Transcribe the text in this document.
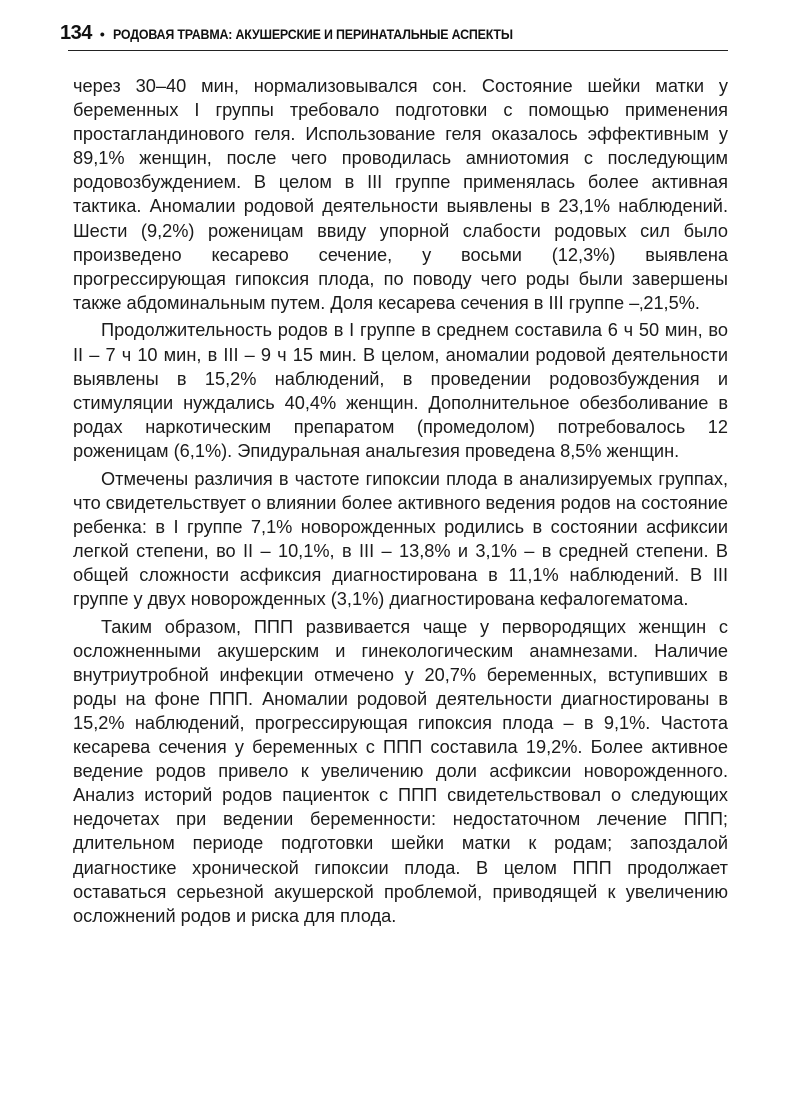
134 • РОДОВАЯ ТРАВМА: АКУШЕРСКИЕ И ПЕРИНАТАЛЬНЫЕ АСПЕКТЫ

через 30–40 мин, нормализовывался сон. Состояние шейки матки у беременных I группы требовало подготовки с помощью применения простагландинового геля. Использование геля оказалось эффективным у 89,1% женщин, после чего проводилась амниотомия с последующим родовозбуждением. В целом в III группе применялась более активная тактика. Аномалии родовой деятельности выявлены в 23,1% наблюдений. Шести (9,2%) роженицам ввиду упорной слабости родовых сил было произведено кесарево сечение, у восьми (12,3%) выявлена прогрессирующая гипоксия плода, по поводу чего роды были завершены также абдоминальным путем. Доля кесарева сечения в III группе –‚21,5%.

Продолжительность родов в I группе в среднем составила 6 ч 50 мин, во II – 7 ч 10 мин, в III – 9 ч 15 мин. В целом, аномалии родовой деятельности выявлены в 15,2% наблюдений, в проведении родовозбуждения и стимуляции нуждались 40,4% женщин. Дополнительное обезболивание в родах наркотическим препаратом (промедолом) потребовалось 12 роженицам (6,1%). Эпидуральная анальгезия проведена 8,5% женщин.

Отмечены различия в частоте гипоксии плода в анализируемых группах, что свидетельствует о влиянии более активного ведения родов на состояние ребенка: в I группе 7,1% новорожденных родились в состоянии асфиксии легкой степени, во II – 10,1%, в III – 13,8% и 3,1% – в средней степени. В общей сложности асфиксия диагностирована в 11,1% наблюдений. В III группе у двух новорожденных (3,1%) диагностирована кефалогематома.

Таким образом, ППП развивается чаще у первородящих женщин с осложненными акушерским и гинекологическим анамнезами. Наличие внутриутробной инфекции отмечено у 20,7% беременных, вступивших в роды на фоне ППП. Аномалии родовой деятельности диагностированы в 15,2% наблюдений, прогрессирующая гипоксия плода – в 9,1%. Частота кесарева сечения у беременных с ППП составила 19,2%. Более активное ведение родов привело к увеличению доли асфиксии новорожденного. Анализ историй родов пациенток с ППП свидетельствовал о следующих недочетах при ведении беременности: недостаточном лечение ППП; длительном периоде подготовки шейки матки к родам; запоздалой диагностике хронической гипоксии плода. В целом ППП продолжает оставаться серьезной акушерской проблемой, приводящей к увеличению осложнений родов и риска для плода.
